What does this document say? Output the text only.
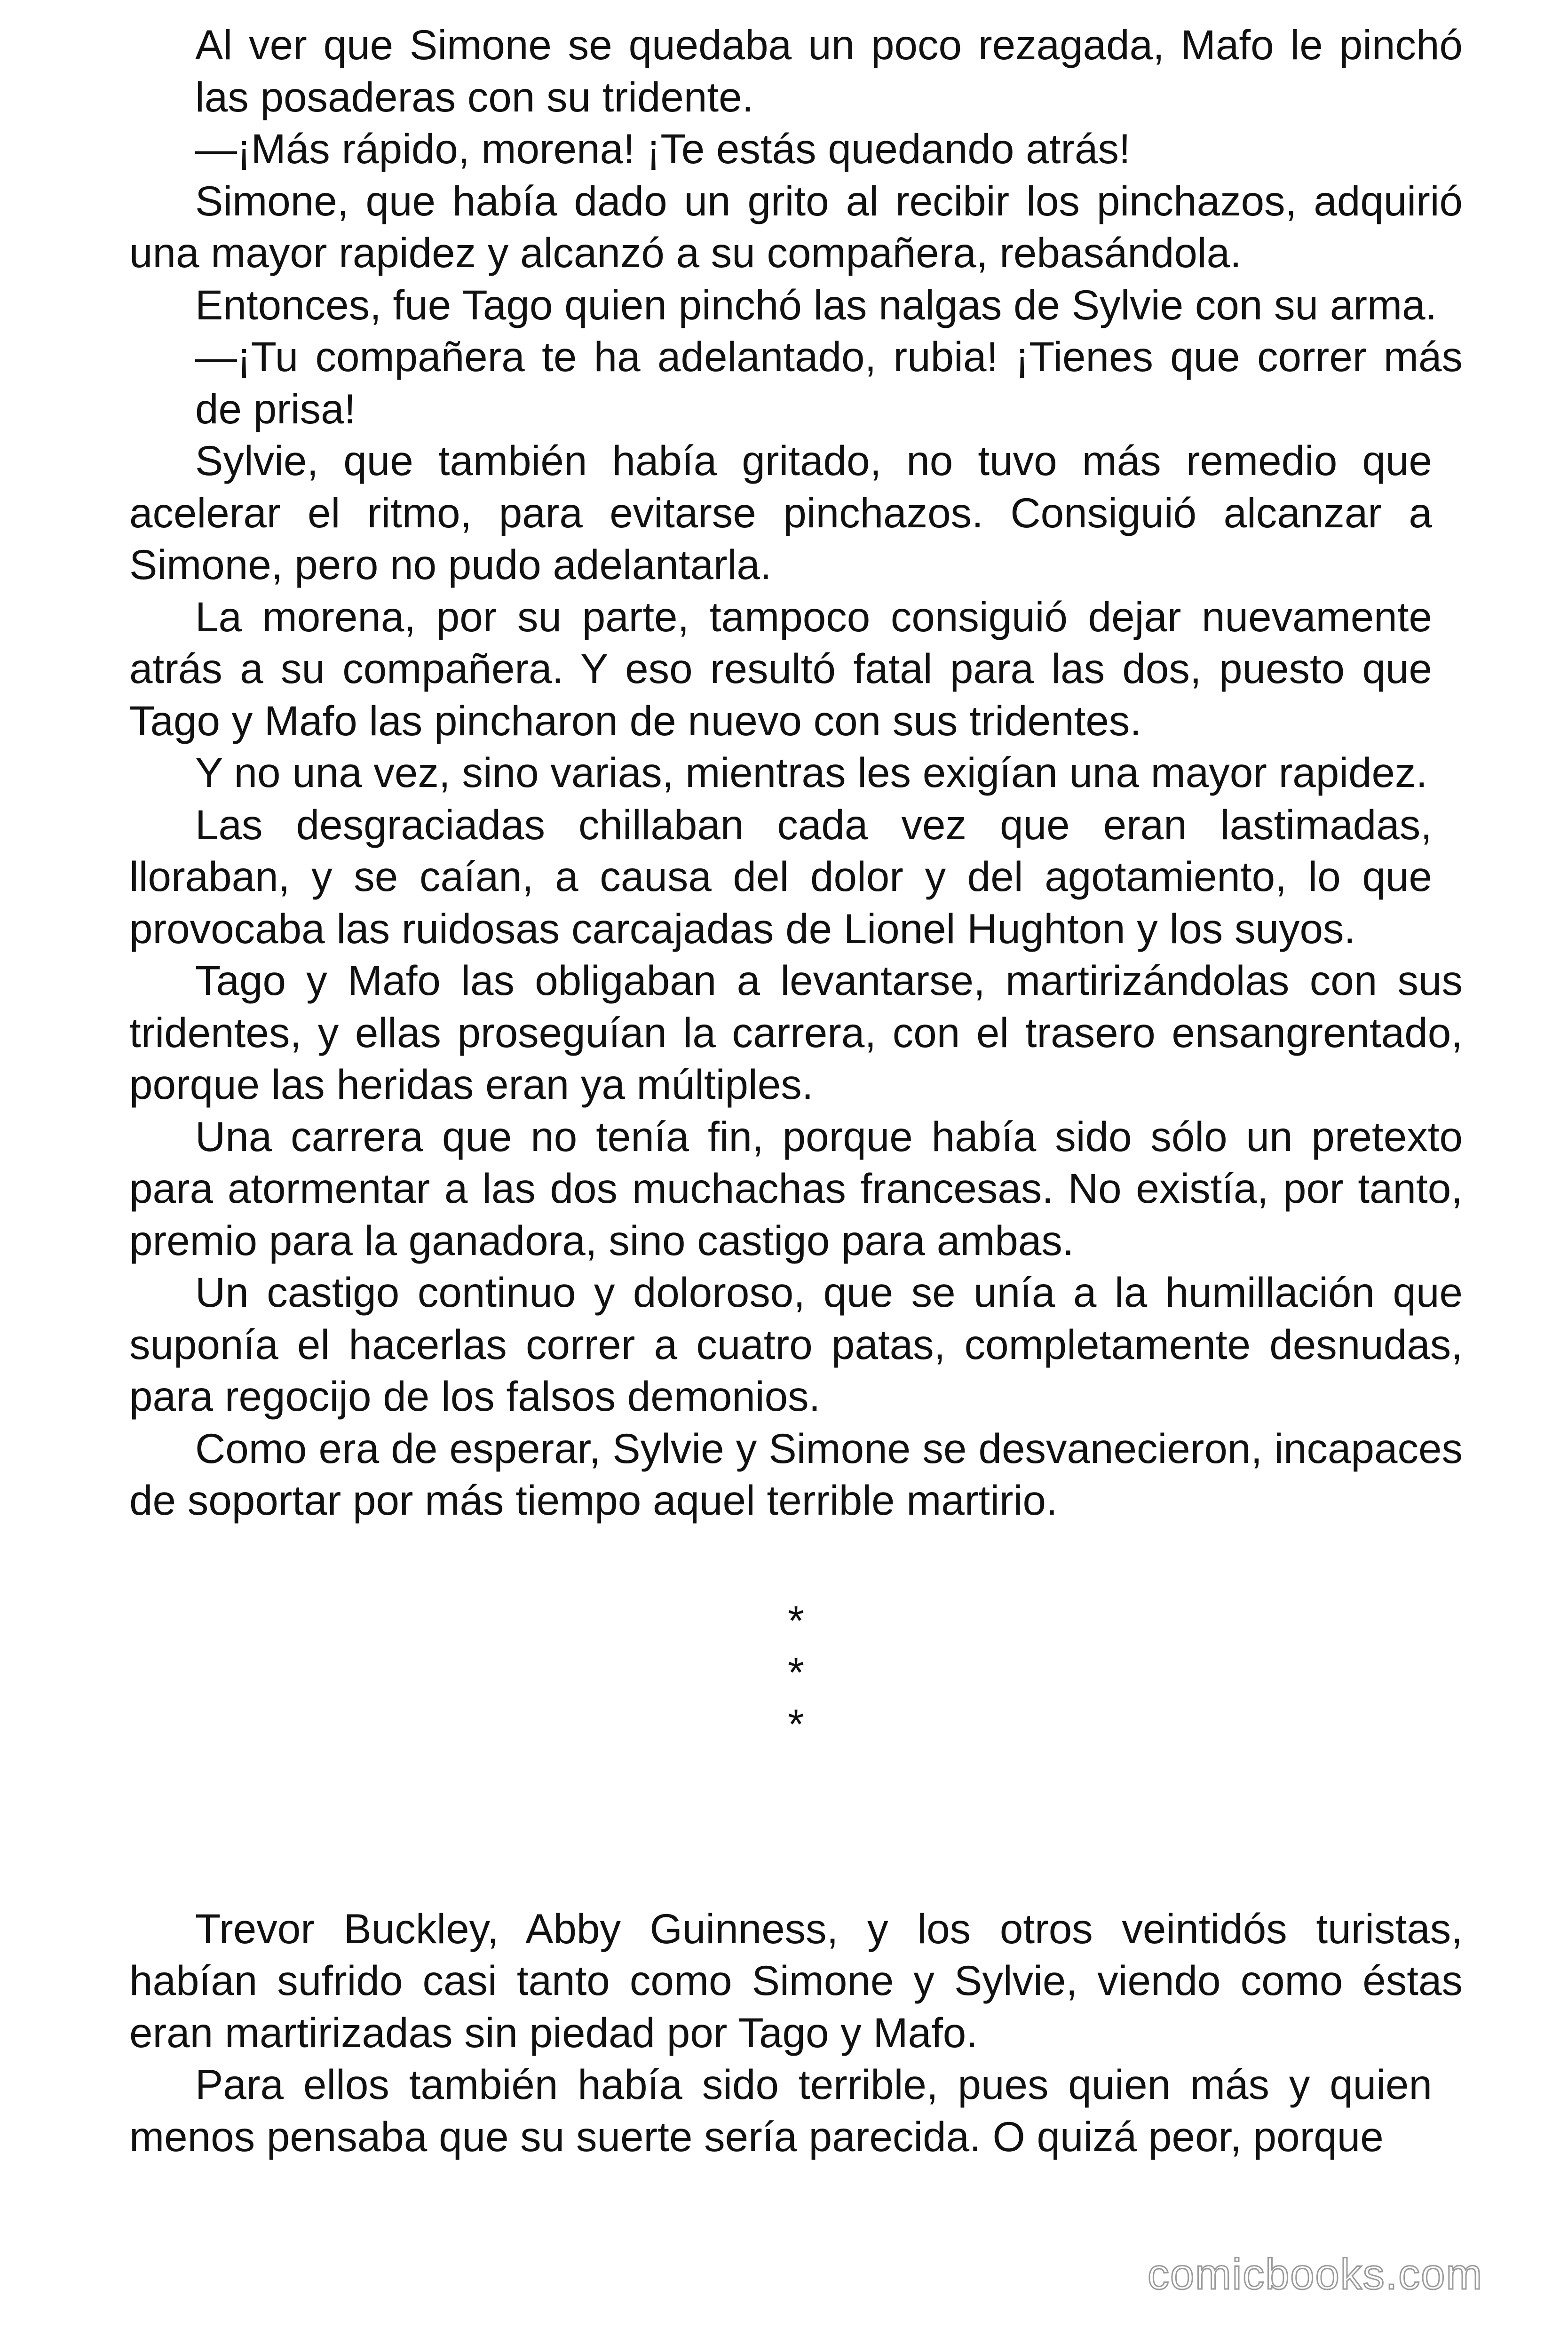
Al ver que Simone se quedaba un poco rezagada, Mafo le pinchó las posaderas con su tridente.

—¡Más rápido, morena! ¡Te estás quedando atrás!

Simone, que había dado un grito al recibir los pinchazos, adquirió una mayor rapidez y alcanzó a su compañera, rebasándola.

Entonces, fue Tago quien pinchó las nalgas de Sylvie con su arma.

—¡Tu compañera te ha adelantado, rubia! ¡Tienes que correr más de prisa!

Sylvie, que también había gritado, no tuvo más remedio que acelerar el ritmo, para evitarse pinchazos. Consiguió alcanzar a Simone, pero no pudo adelantarla.

La morena, por su parte, tampoco consiguió dejar nuevamente atrás a su compañera. Y eso resultó fatal para las dos, puesto que Tago y Mafo las pincharon de nuevo con sus tridentes.

Y no una vez, sino varias, mientras les exigían una mayor rapidez.

Las desgraciadas chillaban cada vez que eran lastimadas, lloraban, y se caían, a causa del dolor y del agotamiento, lo que provocaba las ruidosas carcajadas de Lionel Hughton y los suyos.

Tago y Mafo las obligaban a levantarse, martirizándolas con sus tridentes, y ellas proseguían la carrera, con el trasero ensangrentado, porque las heridas eran ya múltiples.

Una carrera que no tenía fin, porque había sido sólo un pretexto para atormentar a las dos muchachas francesas. No existía, por tanto, premio para la ganadora, sino castigo para ambas.

Un castigo continuo y doloroso, que se unía a la humillación que suponía el hacerlas correr a cuatro patas, completamente desnudas, para regocijo de los falsos demonios.

Como era de esperar, Sylvie y Simone se desvanecieron, incapaces de soportar por más tiempo aquel terrible martirio.

*
*
*

Trevor Buckley, Abby Guinness, y los otros veintidós turistas, habían sufrido casi tanto como Simone y Sylvie, viendo como éstas eran martirizadas sin piedad por Tago y Mafo.

Para ellos también había sido terrible, pues quien más y quien menos pensaba que su suerte sería parecida. O quizá peor, porque

comicbooks.com
